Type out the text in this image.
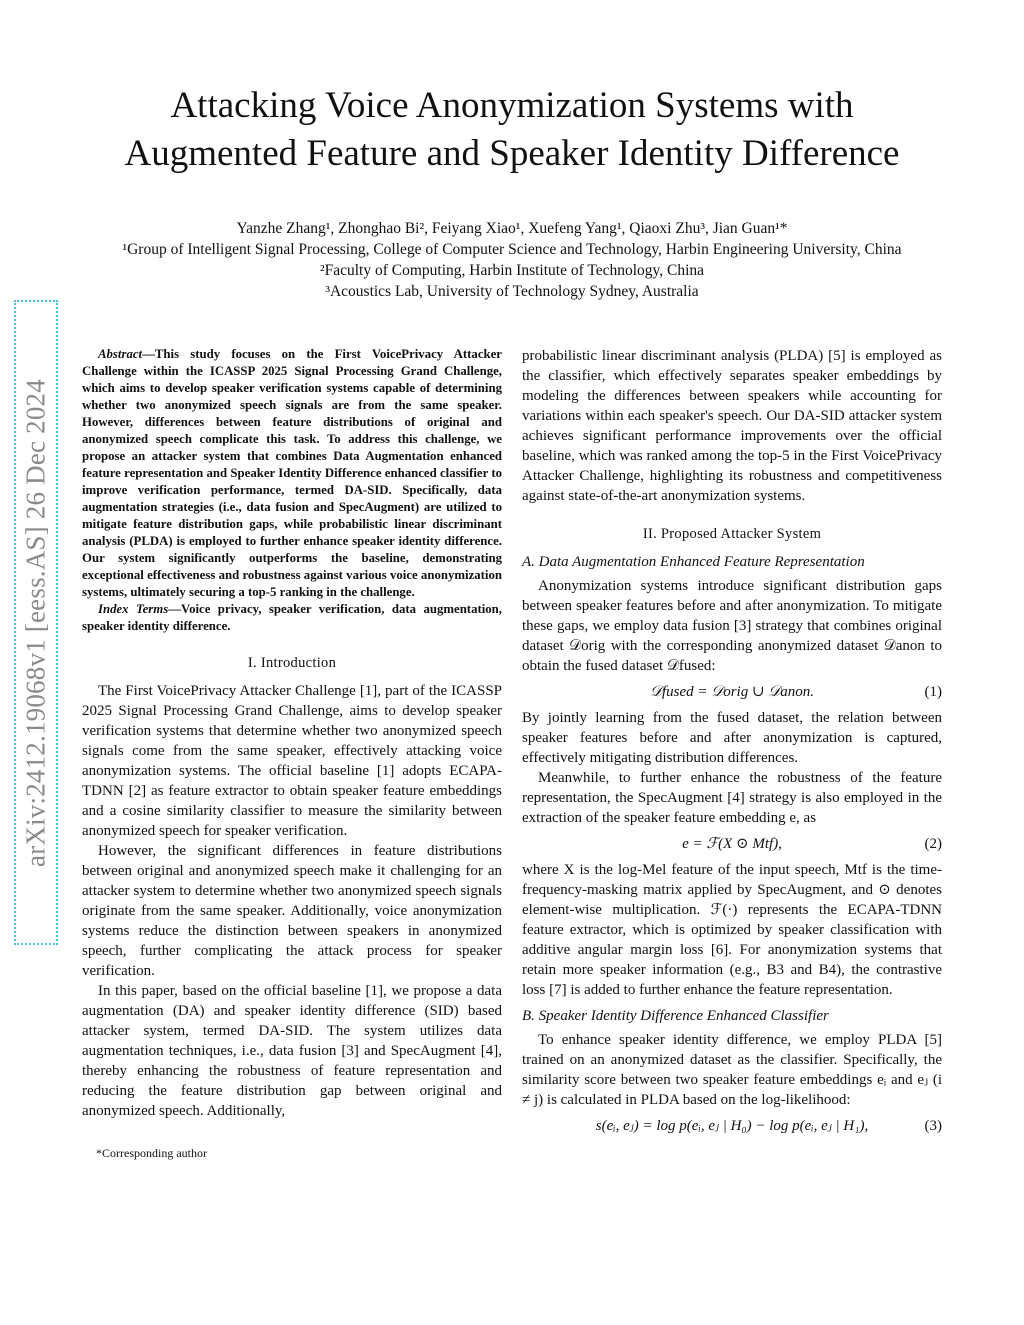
Attacking Voice Anonymization Systems with
Augmented Feature and Speaker Identity Difference
Yanzhe Zhang¹, Zhonghao Bi², Feiyang Xiao¹, Xuefeng Yang¹, Qiaoxi Zhu³, Jian Guan¹*
¹Group of Intelligent Signal Processing, College of Computer Science and Technology, Harbin Engineering University, China
²Faculty of Computing, Harbin Institute of Technology, China
³Acoustics Lab, University of Technology Sydney, Australia
arXiv:2412.19068v1 [eess.AS] 26 Dec 2024

Abstract—This study focuses on the First VoicePrivacy Attacker Challenge within the ICASSP 2025 Signal Processing Grand Challenge, which aims to develop speaker verification systems capable of determining whether two anonymized speech signals are from the same speaker. However, differences between feature distributions of original and anonymized speech complicate this task. To address this challenge, we propose an attacker system that combines Data Augmentation enhanced feature representation and Speaker Identity Difference enhanced classifier to improve verification performance, termed DA-SID. Specifically, data augmentation strategies (i.e., data fusion and SpecAugment) are utilized to mitigate feature distribution gaps, while probabilistic linear discriminant analysis (PLDA) is employed to further enhance speaker identity difference. Our system significantly outperforms the baseline, demonstrating exceptional effectiveness and robustness against various voice anonymization systems, ultimately securing a top-5 ranking in the challenge.

Index Terms—Voice privacy, speaker verification, data augmentation, speaker identity difference.

I. Introduction

The First VoicePrivacy Attacker Challenge [1], part of the ICASSP 2025 Signal Processing Grand Challenge, aims to develop speaker verification systems that determine whether two anonymized speech signals come from the same speaker, effectively attacking voice anonymization systems. The official baseline [1] adopts ECAPA-TDNN [2] as feature extractor to obtain speaker feature embeddings and a cosine similarity classifier to measure the similarity between anonymized speech for speaker verification.

However, the significant differences in feature distributions between original and anonymized speech make it challenging for an attacker system to determine whether two anonymized speech signals originate from the same speaker. Additionally, voice anonymization systems reduce the distinction between speakers in anonymized speech, further complicating the attack process for speaker verification.

In this paper, based on the official baseline [1], we propose a data augmentation (DA) and speaker identity difference (SID) based attacker system, termed DA-SID. The system utilizes data augmentation techniques, i.e., data fusion [3] and SpecAugment [4], thereby enhancing the robustness of feature representation and reducing the feature distribution gap between original and anonymized speech. Additionally,

*Corresponding author

probabilistic linear discriminant analysis (PLDA) [5] is employed as the classifier, which effectively separates speaker embeddings by modeling the differences between speakers while accounting for variations within each speaker's speech. Our DA-SID attacker system achieves significant performance improvements over the official baseline, which was ranked among the top-5 in the First VoicePrivacy Attacker Challenge, highlighting its robustness and competitiveness against state-of-the-art anonymization systems.

II. Proposed Attacker System
A. Data Augmentation Enhanced Feature Representation

Anonymization systems introduce significant distribution gaps between speaker features before and after anonymization. To mitigate these gaps, we employ data fusion [3] strategy that combines original dataset 𝒟orig with the corresponding anonymized dataset 𝒟anon to obtain the fused dataset 𝒟fused:

𝒟fused = 𝒟orig ∪ 𝒟anon.	(1)

By jointly learning from the fused dataset, the relation between speaker features before and after anonymization is captured, effectively mitigating distribution differences.

Meanwhile, to further enhance the robustness of the feature representation, the SpecAugment [4] strategy is also employed in the extraction of the speaker feature embedding e, as

e = ℱ(X ⊙ Mtf),	(2)

where X is the log-Mel feature of the input speech, Mtf is the time-frequency-masking matrix applied by SpecAugment, and ⊙ denotes element-wise multiplication. ℱ(·) represents the ECAPA-TDNN feature extractor, which is optimized by speaker classification with additive angular margin loss [6]. For anonymization systems that retain more speaker information (e.g., B3 and B4), the contrastive loss [7] is added to further enhance the feature representation.

B. Speaker Identity Difference Enhanced Classifier

To enhance speaker identity difference, we employ PLDA [5] trained on an anonymized dataset as the classifier. Specifically, the similarity score between two speaker feature embeddings eᵢ and eⱼ (i ≠ j) is calculated in PLDA based on the log-likelihood:

s(eᵢ, eⱼ) = log p(eᵢ, eⱼ | H₀) − log p(eᵢ, eⱼ | H₁),	(3)
